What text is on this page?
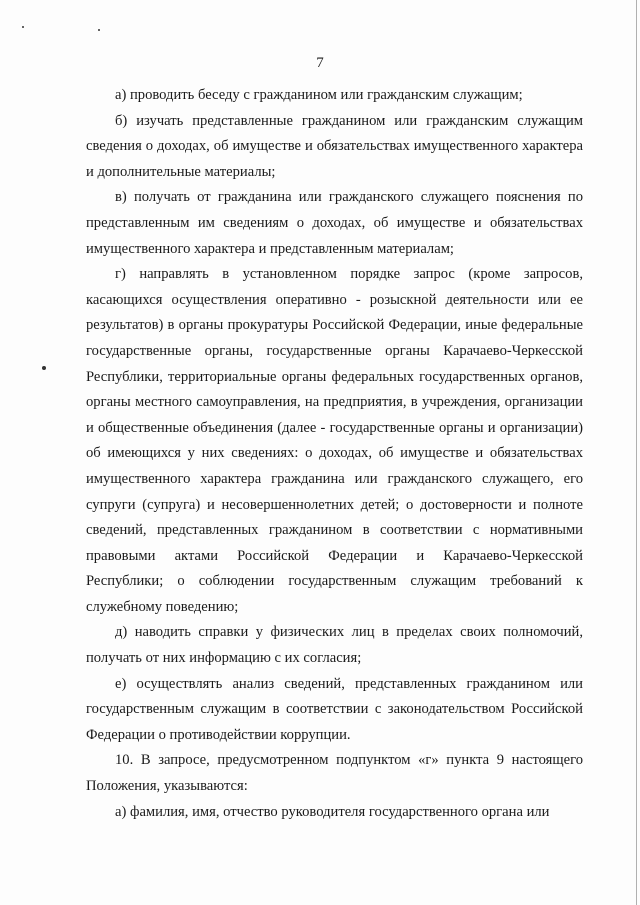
7

а) проводить беседу с гражданином или гражданским служащим;

б) изучать представленные гражданином или гражданским служащим сведения о доходах, об имуществе и обязательствах имущественного характера и дополнительные материалы;

в) получать от гражданина или гражданского служащего пояснения по представленным им сведениям о доходах, об имуществе и обязательствах имущественного характера и представленным материалам;

г) направлять в установленном порядке запрос (кроме запросов, касающихся осуществления оперативно - розыскной деятельности или ее результатов) в органы прокуратуры Российской Федерации, иные федеральные государственные органы, государственные органы Карачаево-Черкесской Республики, территориальные органы федеральных государственных органов, органы местного самоуправления, на предприятия, в учреждения, организации и общественные объединения (далее - государственные органы и организации) об имеющихся у них сведениях: о доходах, об имуществе и обязательствах имущественного характера гражданина или гражданского служащего, его супруги (супруга) и несовершеннолетних детей; о достоверности и полноте сведений, представленных гражданином в соответствии с нормативными правовыми актами Российской Федерации и Карачаево-Черкесской Республики; о соблюдении государственным служащим требований к служебному поведению;

д) наводить справки у физических лиц в пределах своих полномочий, получать от них информацию с их согласия;

е) осуществлять анализ сведений, представленных гражданином или государственным служащим в соответствии с законодательством Российской Федерации о противодействии коррупции.

10. В запросе, предусмотренном подпунктом «г» пункта 9 настоящего Положения, указываются:

а) фамилия, имя, отчество руководителя государственного органа или
